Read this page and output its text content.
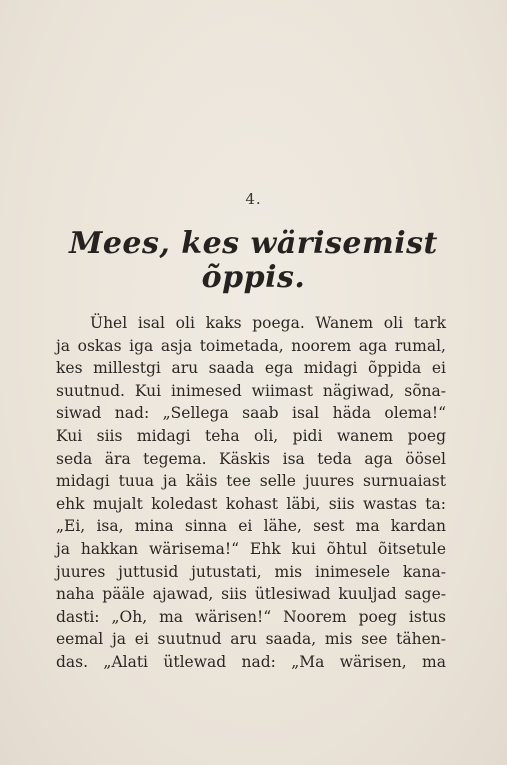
4.
Mees, kes wärisemist
õppis.
Ühel isal oli kaks poega. Wanem oli tark
ja oskas iga asja toimetada, noorem aga rumal,
kes millestgi aru saada ega midagi õppida ei
suutnud. Kui inimesed wiimast nägiwad, sõna-
siwad nad: „Sellega saab isal häda olema!“
Kui siis midagi teha oli, pidi wanem poeg
seda ära tegema. Käskis isa teda aga öösel
midagi tuua ja käis tee selle juures surnuaiast
ehk mujalt koledast kohast läbi, siis wastas ta:
„Ei, isa, mina sinna ei lähe, sest ma kardan
ja hakkan wärisema!“ Ehk kui õhtul õitsetule
juures juttusid jutustati, mis inimesele kana-
naha pääle ajawad, siis ütlesiwad kuuljad sage-
dasti: „Oh, ma wärisen!“ Noorem poeg istus
eemal ja ei suutnud aru saada, mis see tähen-
das. „Alati ütlewad nad: „Ma wärisen, ma
